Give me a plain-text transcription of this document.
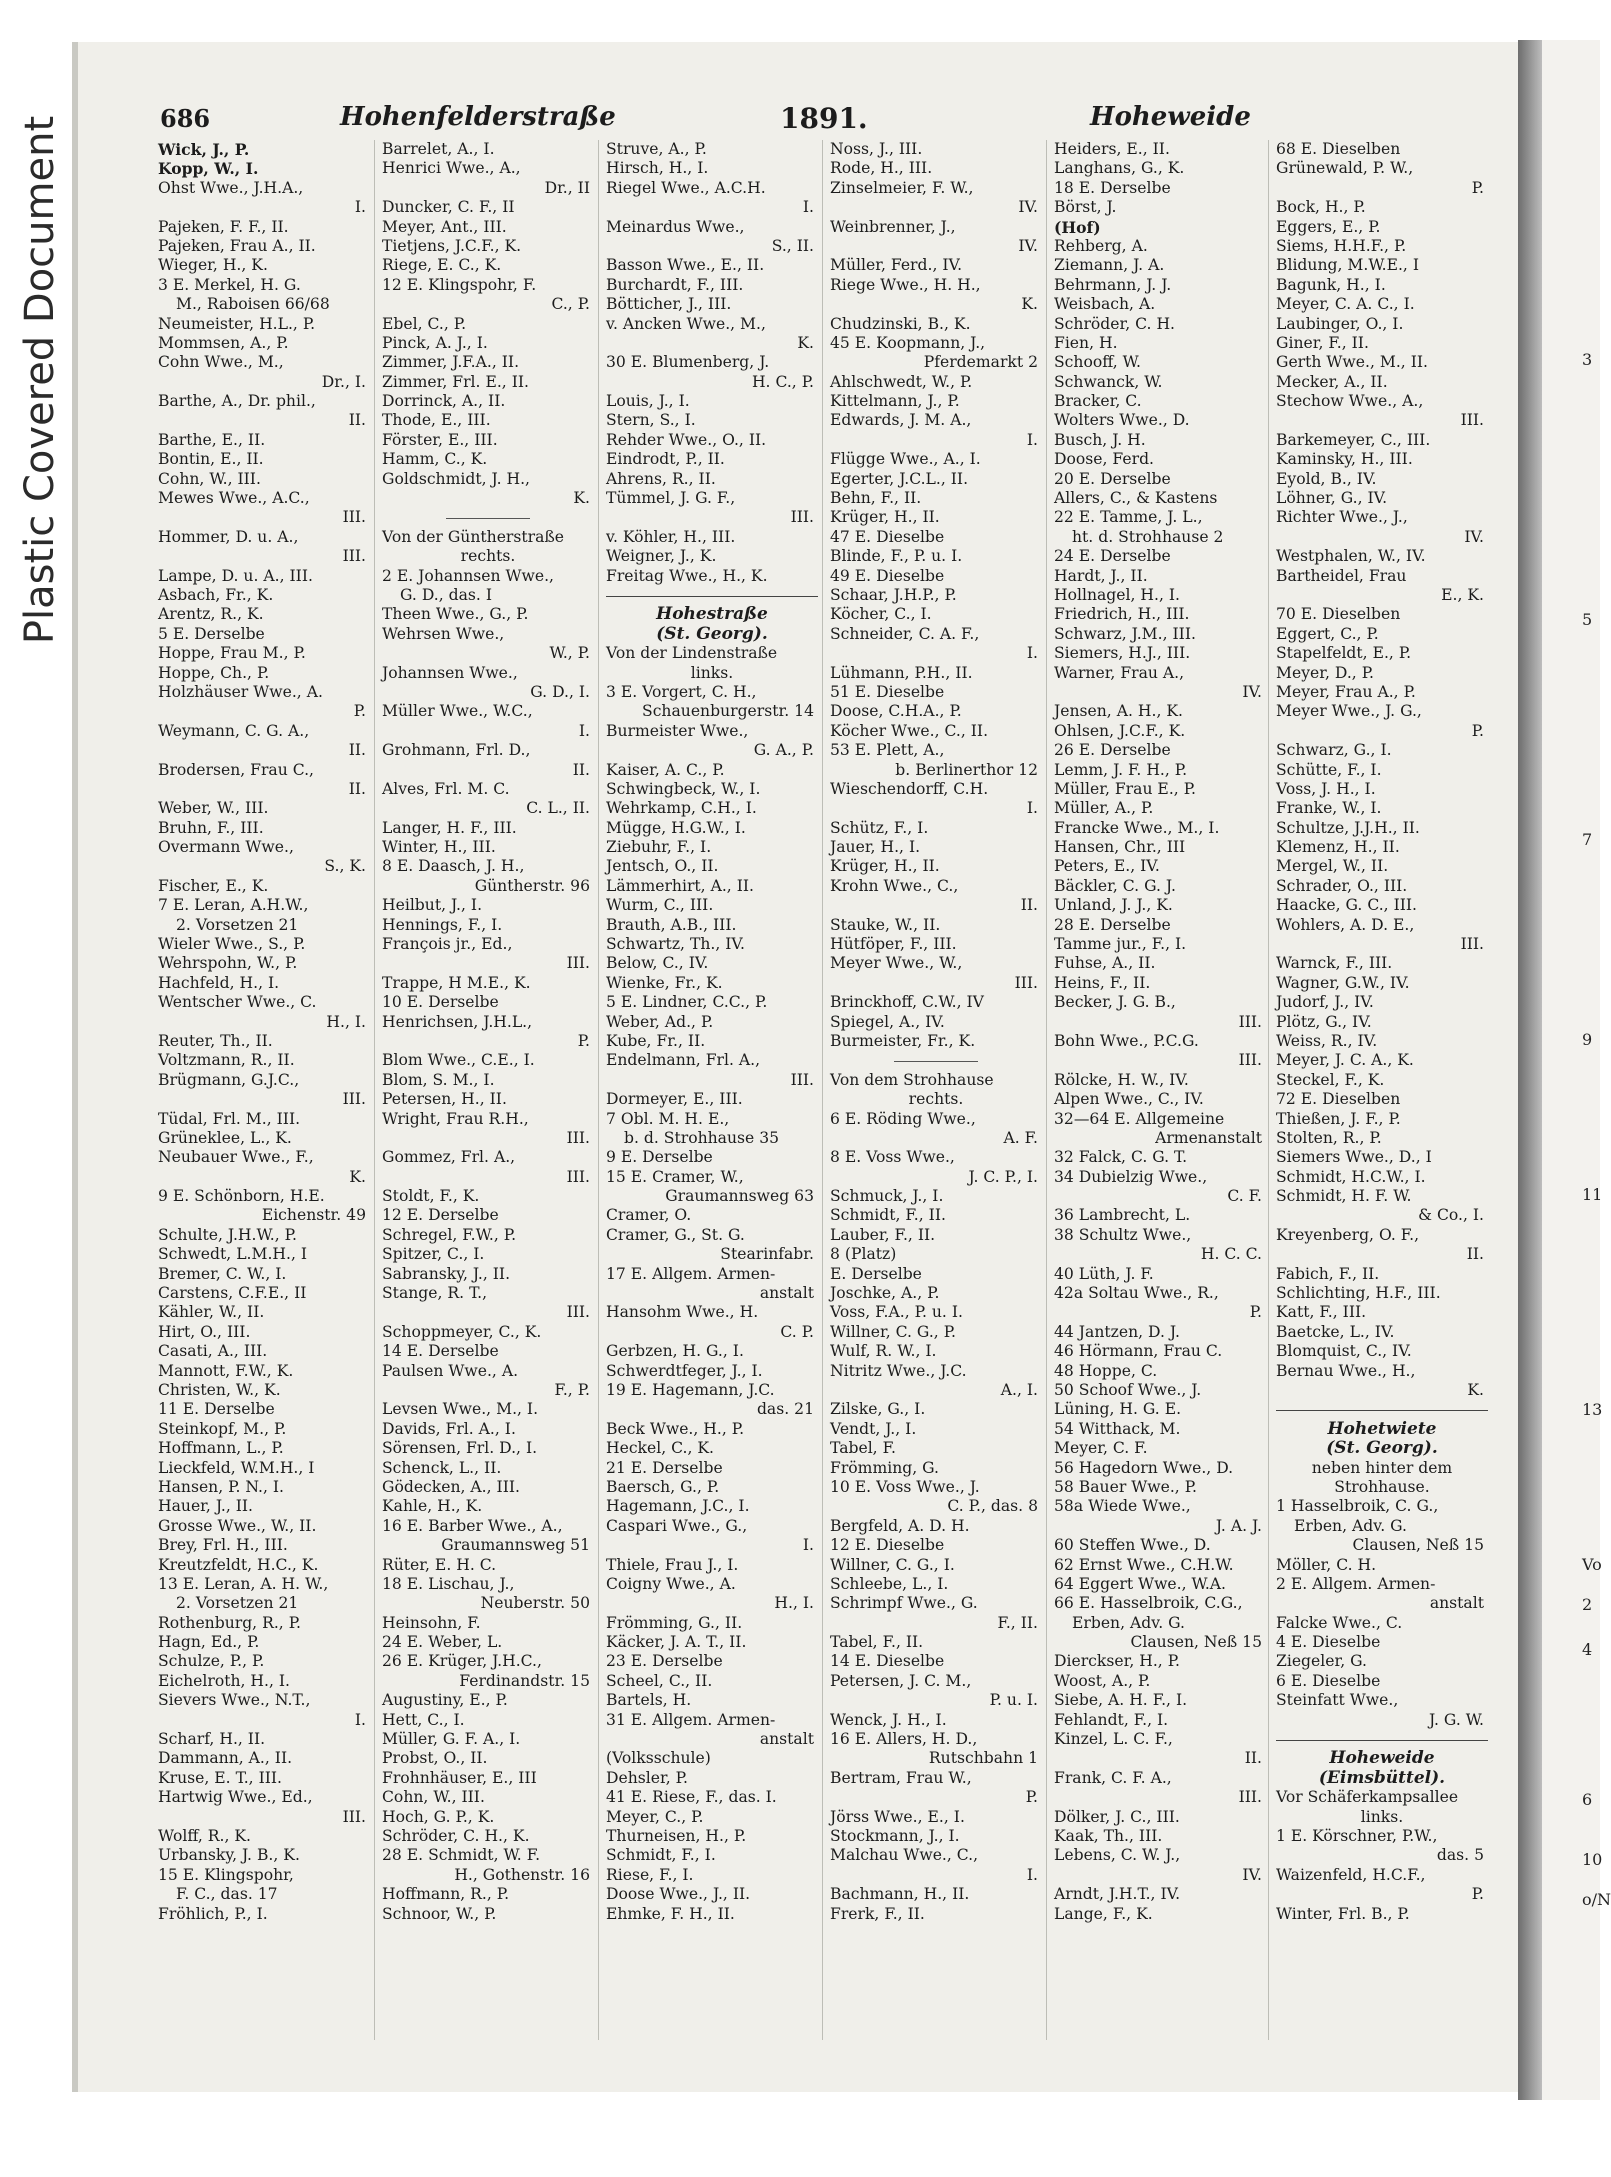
Plastic Covered Document	3
5
7
9
11
13
Vo
2
4
6
10
o/N
686	Hohenfelderstraße	1891.	Hoheweide
Wick, J., P.
Kopp, W., I.
Ohst Wwe., J.H.A.,
I.
Pajeken, F. F., II.
Pajeken, Frau A., II.
Wieger, H., K.
3 E. Merkel, H. G.
M., Raboisen 66/68
Neumeister, H.L., P.
Mommsen, A., P.
Cohn Wwe., M.,
Dr., I.
Barthe, A., Dr. phil.,
II.
Barthe, E., II.
Bontin, E., II.
Cohn, W., III.
Mewes Wwe., A.C.,
III.
Hommer, D. u. A.,
III.
Lampe, D. u. A., III.
Asbach, Fr., K.
Arentz, R., K.
5 E. Derselbe
Hoppe, Frau M., P.
Hoppe, Ch., P.
Holzhäuser Wwe., A.
P.
Weymann, C. G. A.,
II.
Brodersen, Frau C.,
II.
Weber, W., III.
Bruhn, F., III.
Overmann Wwe.,
S., K.
Fischer, E., K.
7 E. Leran, A.H.W.,
2. Vorsetzen 21
Wieler Wwe., S., P.
Wehrspohn, W., P.
Hachfeld, H., I.
Wentscher Wwe., C.
H., I.
Reuter, Th., II.
Voltzmann, R., II.
Brügmann, G.J.C.,
III.
Tüdal, Frl. M., III.
Grüneklee, L., K.
Neubauer Wwe., F.,
K.
9 E. Schönborn, H.E.
Eichenstr. 49
Schulte, J.H.W., P.
Schwedt, L.M.H., I
Bremer, C. W., I.
Carstens, C.F.E., II
Kähler, W., II.
Hirt, O., III.
Casati, A., III.
Mannott, F.W., K.
Christen, W., K.
11 E. Derselbe
Steinkopf, M., P.
Hoffmann, L., P.
Lieckfeld, W.M.H., I
Hansen, P. N., I.
Hauer, J., II.
Grosse Wwe., W., II.
Brey, Frl. H., III.
Kreutzfeldt, H.C., K.
13 E. Leran, A. H. W.,
2. Vorsetzen 21
Rothenburg, R., P.
Hagn, Ed., P.
Schulze, P., P.
Eichelroth, H., I.
Sievers Wwe., N.T.,
I.
Scharf, H., II.
Dammann, A., II.
Kruse, E. T., III.
Hartwig Wwe., Ed.,
III.
Wolff, R., K.
Urbansky, J. B., K.
15 E. Klingspohr,
F. C., das. 17
Fröhlich, P., I.
Barrelet, A., I.
Henrici Wwe., A.,
Dr., II
Duncker, C. F., II
Meyer, Ant., III.
Tietjens, J.C.F., K.
Riege, E. C., K.
12 E. Klingspohr, F.
C., P.
Ebel, C., P.
Pinck, A. J., I.
Zimmer, J.F.A., II.
Zimmer, Frl. E., II.
Dorrinck, A., II.
Thode, E., III.
Förster, E., III.
Hamm, C., K.
Goldschmidt, J. H.,
K.
Von der Güntherstraße
rechts.
2 E. Johannsen Wwe.,
G. D., das. I
Theen Wwe., G., P.
Wehrsen Wwe.,
W., P.
Johannsen Wwe.,
G. D., I.
Müller Wwe., W.C.,
I.
Grohmann, Frl. D.,
II.
Alves, Frl. M. C.
C. L., II.
Langer, H. F., III.
Winter, H., III.
8 E. Daasch, J. H.,
Güntherstr. 96
Heilbut, J., I.
Hennings, F., I.
François jr., Ed.,
III.
Trappe, H M.E., K.
10 E. Derselbe
Henrichsen, J.H.L.,
P.
Blom Wwe., C.E., I.
Blom, S. M., I.
Petersen, H., II.
Wright, Frau R.H.,
III.
Gommez, Frl. A.,
III.
Stoldt, F., K.
12 E. Derselbe
Schregel, F.W., P.
Spitzer, C., I.
Sabransky, J., II.
Stange, R. T.,
III.
Schoppmeyer, C., K.
14 E. Derselbe
Paulsen Wwe., A.
F., P.
Levsen Wwe., M., I.
Davids, Frl. A., I.
Sörensen, Frl. D., I.
Schenck, L., II.
Gödecken, A., III.
Kahle, H., K.
16 E. Barber Wwe., A.,
Graumannsweg 51
Rüter, E. H. C.
18 E. Lischau, J.,
Neuberstr. 50
Heinsohn, F.
24 E. Weber, L.
26 E. Krüger, J.H.C.,
Ferdinandstr. 15
Augustiny, E., P.
Hett, C., I.
Müller, G. F. A., I.
Probst, O., II.
Frohnhäuser, E., III
Cohn, W., III.
Hoch, G. P., K.
Schröder, C. H., K.
28 E. Schmidt, W. F.
H., Gothenstr. 16
Hoffmann, R., P.
Schnoor, W., P.
Struve, A., P.
Hirsch, H., I.
Riegel Wwe., A.C.H.
I.
Meinardus Wwe.,
S., II.
Basson Wwe., E., II.
Burchardt, F., III.
Bötticher, J., III.
v. Ancken Wwe., M.,
K.
30 E. Blumenberg, J.
H. C., P.
Louis, J., I.
Stern, S., I.
Rehder Wwe., O., II.
Eindrodt, P., II.
Ahrens, R., II.
Tümmel, J. G. F.,
III.
v. Köhler, H., III.
Weigner, J., K.
Freitag Wwe., H., K.
Hohestraße
(St. Georg).
Von der Lindenstraße
links.
3 E. Vorgert, C. H.,
Schauenburgerstr. 14
Burmeister Wwe.,
G. A., P.
Kaiser, A. C., P.
Schwingbeck, W., I.
Wehrkamp, C.H., I.
Mügge, H.G.W., I.
Ziebuhr, F., I.
Jentsch, O., II.
Lämmerhirt, A., II.
Wurm, C., III.
Brauth, A.B., III.
Schwartz, Th., IV.
Below, C., IV.
Wienke, Fr., K.
5 E. Lindner, C.C., P.
Weber, Ad., P.
Kube, Fr., II.
Endelmann, Frl. A.,
III.
Dormeyer, E., III.
7 Obl. M. H. E.,
b. d. Strohhause 35
9 E. Derselbe
15 E. Cramer, W.,
Graumannsweg 63
Cramer, O.
Cramer, G., St. G.
Stearinfabr.
17 E. Allgem. Armen-
anstalt
Hansohm Wwe., H.
C. P.
Gerbzen, H. G., I.
Schwerdtfeger, J., I.
19 E. Hagemann, J.C.
das. 21
Beck Wwe., H., P.
Heckel, C., K.
21 E. Derselbe
Baersch, G., P.
Hagemann, J.C., I.
Caspari Wwe., G.,
I.
Thiele, Frau J., I.
Coigny Wwe., A.
H., I.
Frömming, G., II.
Käcker, J. A. T., II.
23 E. Derselbe
Scheel, C., II.
Bartels, H.
31 E. Allgem. Armen-
anstalt
(Volksschule)
Dehsler, P.
41 E. Riese, F., das. I.
Meyer, C., P.
Thurneisen, H., P.
Schmidt, F., I.
Riese, F., I.
Doose Wwe., J., II.
Ehmke, F. H., II.
Noss, J., III.
Rode, H., III.
Zinselmeier, F. W.,
IV.
Weinbrenner, J.,
IV.
Müller, Ferd., IV.
Riege Wwe., H. H.,
K.
Chudzinski, B., K.
45 E. Koopmann, J.,
Pferdemarkt 2
Ahlschwedt, W., P.
Kittelmann, J., P.
Edwards, J. M. A.,
I.
Flügge Wwe., A., I.
Egerter, J.C.L., II.
Behn, F., II.
Krüger, H., II.
47 E. Dieselbe
Blinde, F., P. u. I.
49 E. Dieselbe
Schaar, J.H.P., P.
Köcher, C., I.
Schneider, C. A. F.,
I.
Lühmann, P.H., II.
51 E. Dieselbe
Doose, C.H.A., P.
Köcher Wwe., C., II.
53 E. Plett, A.,
b. Berlinerthor 12
Wieschendorff, C.H.
I.
Schütz, F., I.
Jauer, H., I.
Krüger, H., II.
Krohn Wwe., C.,
II.
Stauke, W., II.
Hütföper, F., III.
Meyer Wwe., W.,
III.
Brinckhoff, C.W., IV
Spiegel, A., IV.
Burmeister, Fr., K.
Von dem Strohhause
rechts.
6 E. Röding Wwe.,
A. F.
8 E. Voss Wwe.,
J. C. P., I.
Schmuck, J., I.
Schmidt, F., II.
Lauber, F., II.
8 (Platz)
E. Derselbe
Joschke, A., P.
Voss, F.A., P. u. I.
Willner, C. G., P.
Wulf, R. W., I.
Nitritz Wwe., J.C.
A., I.
Zilske, G., I.
Vendt, J., I.
Tabel, F.
Frömming, G.
10 E. Voss Wwe., J.
C. P., das. 8
Bergfeld, A. D. H.
12 E. Dieselbe
Willner, C. G., I.
Schleebe, L., I.
Schrimpf Wwe., G.
F., II.
Tabel, F., II.
14 E. Dieselbe
Petersen, J. C. M.,
P. u. I.
Wenck, J. H., I.
16 E. Allers, H. D.,
Rutschbahn 1
Bertram, Frau W.,
P.
Jörss Wwe., E., I.
Stockmann, J., I.
Malchau Wwe., C.,
I.
Bachmann, H., II.
Frerk, F., II.
Heiders, E., II.
Langhans, G., K.
18 E. Derselbe
Börst, J.
(Hof)
Rehberg, A.
Ziemann, J. A.
Behrmann, J. J.
Weisbach, A.
Schröder, C. H.
Fien, H.
Schooff, W.
Schwanck, W.
Bracker, C.
Wolters Wwe., D.
Busch, J. H.
Doose, Ferd.
20 E. Derselbe
Allers, C., & Kastens
22 E. Tamme, J. L.,
ht. d. Strohhause 2
24 E. Derselbe
Hardt, J., II.
Hollnagel, H., I.
Friedrich, H., III.
Schwarz, J.M., III.
Siemers, H.J., III.
Warner, Frau A.,
IV.
Jensen, A. H., K.
Ohlsen, J.C.F., K.
26 E. Derselbe
Lemm, J. F. H., P.
Müller, Frau E., P.
Müller, A., P.
Francke Wwe., M., I.
Hansen, Chr., III
Peters, E., IV.
Bäckler, C. G. J.
Unland, J. J., K.
28 E. Derselbe
Tamme jur., F., I.
Fuhse, A., II.
Heins, F., II.
Becker, J. G. B.,
III.
Bohn Wwe., P.C.G.
III.
Rölcke, H. W., IV.
Alpen Wwe., C., IV.
32—64 E. Allgemeine
Armenanstalt
32 Falck, C. G. T.
34 Dubielzig Wwe.,
C. F.
36 Lambrecht, L.
38 Schultz Wwe.,
H. C. C.
40 Lüth, J. F.
42a Soltau Wwe., R.,
P.
44 Jantzen, D. J.
46 Hörmann, Frau C.
48 Hoppe, C.
50 Schoof Wwe., J.
Lüning, H. G. E.
54 Witthack, M.
Meyer, C. F.
56 Hagedorn Wwe., D.
58 Bauer Wwe., P.
58a Wiede Wwe.,
J. A. J.
60 Steffen Wwe., D.
62 Ernst Wwe., C.H.W.
64 Eggert Wwe., W.A.
66 E. Hasselbroik, C.G.,
Erben, Adv. G.
Clausen, Neß 15
Dierckser, H., P.
Woost, A., P.
Siebe, A. H. F., I.
Fehlandt, F., I.
Kinzel, L. C. F.,
II.
Frank, C. F. A.,
III.
Dölker, J. C., III.
Kaak, Th., III.
Lebens, C. W. J.,
IV.
Arndt, J.H.T., IV.
Lange, F., K.
68 E. Dieselben
Grünewald, P. W.,
P.
Bock, H., P.
Eggers, E., P.
Siems, H.H.F., P.
Blidung, M.W.E., I
Bagunk, H., I.
Meyer, C. A. C., I.
Laubinger, O., I.
Giner, F., II.
Gerth Wwe., M., II.
Mecker, A., II.
Stechow Wwe., A.,
III.
Barkemeyer, C., III.
Kaminsky, H., III.
Eyold, B., IV.
Löhner, G., IV.
Richter Wwe., J.,
IV.
Westphalen, W., IV.
Bartheidel, Frau
E., K.
70 E. Dieselben
Eggert, C., P.
Stapelfeldt, E., P.
Meyer, D., P.
Meyer, Frau A., P.
Meyer Wwe., J. G.,
P.
Schwarz, G., I.
Schütte, F., I.
Voss, J. H., I.
Franke, W., I.
Schultze, J.J.H., II.
Klemenz, H., II.
Mergel, W., II.
Schrader, O., III.
Haacke, G. C., III.
Wohlers, A. D. E.,
III.
Warnck, F., III.
Wagner, G.W., IV.
Judorf, J., IV.
Plötz, G., IV.
Weiss, R., IV.
Meyer, J. C. A., K.
Steckel, F., K.
72 E. Dieselben
Thießen, J. F., P.
Stolten, R., P.
Siemers Wwe., D., I
Schmidt, H.C.W., I.
Schmidt, H. F. W.
& Co., I.
Kreyenberg, O. F.,
II.
Fabich, F., II.
Schlichting, H.F., III.
Katt, F., III.
Baetcke, L., IV.
Blomquist, C., IV.
Bernau Wwe., H.,
K.
Hohetwiete
(St. Georg).
neben hinter dem
Strohhause.
1 Hasselbroik, C. G.,
Erben, Adv. G.
Clausen, Neß 15
Möller, C. H.
2 E. Allgem. Armen-
anstalt
Falcke Wwe., C.
4 E. Dieselbe
Ziegeler, G.
6 E. Dieselbe
Steinfatt Wwe.,
J. G. W.
Hoheweide
(Eimsbüttel).
Vor Schäferkampsallee
links.
1 E. Körschner, P.W.,
das. 5
Waizenfeld, H.C.F.,
P.
Winter, Frl. B., P.
